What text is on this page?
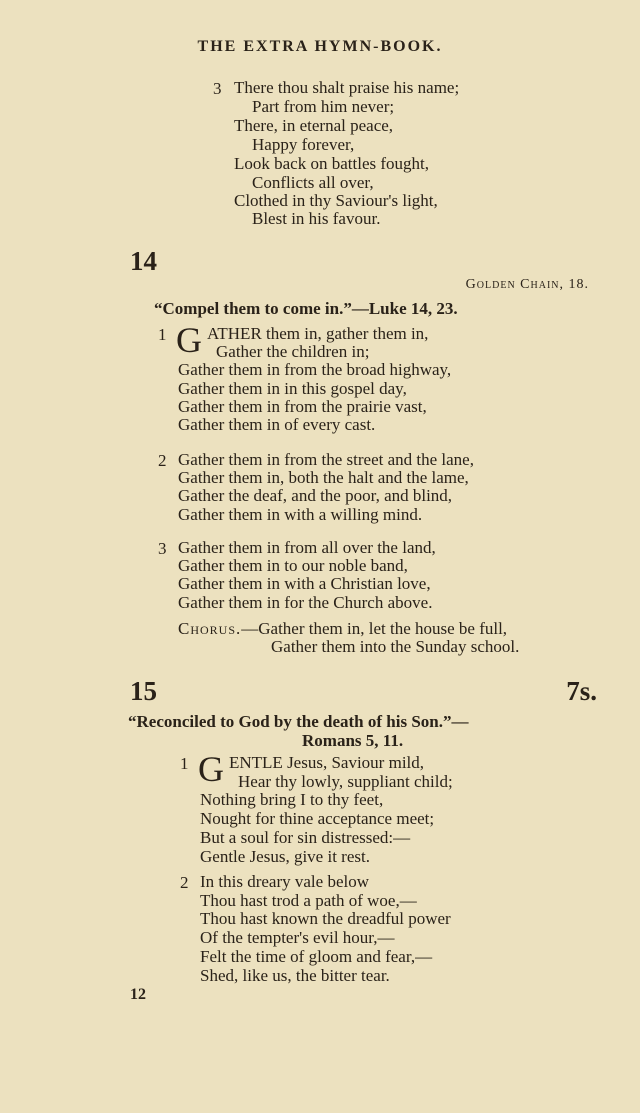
THE EXTRA HYMN-BOOK.
3 There thou shalt praise his name;
Part from him never;
There, in eternal peace,
Happy forever,
Look back on battles fought,
Conflicts all over,
Clothed in thy Saviour's light,
Blest in his favour.
14
Golden Chain, 18.
“Compel them to come in.”—Luke 14, 23.
1 G ATHER them in, gather them in,
Gather the children in;
Gather them in from the broad highway,
Gather them in in this gospel day,
Gather them in from the prairie vast,
Gather them in of every cast.
2 Gather them in from the street and the lane,
Gather them in, both the halt and the lame,
Gather the deaf, and the poor, and blind,
Gather them in with a willing mind.
3 Gather them in from all over the land,
Gather them in to our noble band,
Gather them in with a Christian love,
Gather them in for the Church above.
Chorus.—Gather them in, let the house be full,
Gather them into the Sunday school.
15	7s.
“Reconciled to God by the death of his Son.”—
Romans 5, 11.
1 G ENTLE Jesus, Saviour mild,
Hear thy lowly, suppliant child;
Nothing bring I to thy feet,
Nought for thine acceptance meet;
But a soul for sin distressed:—
Gentle Jesus, give it rest.
2 In this dreary vale below
Thou hast trod a path of woe,—
Thou hast known the dreadful power
Of the tempter's evil hour,—
Felt the time of gloom and fear,—
Shed, like us, the bitter tear.
12
